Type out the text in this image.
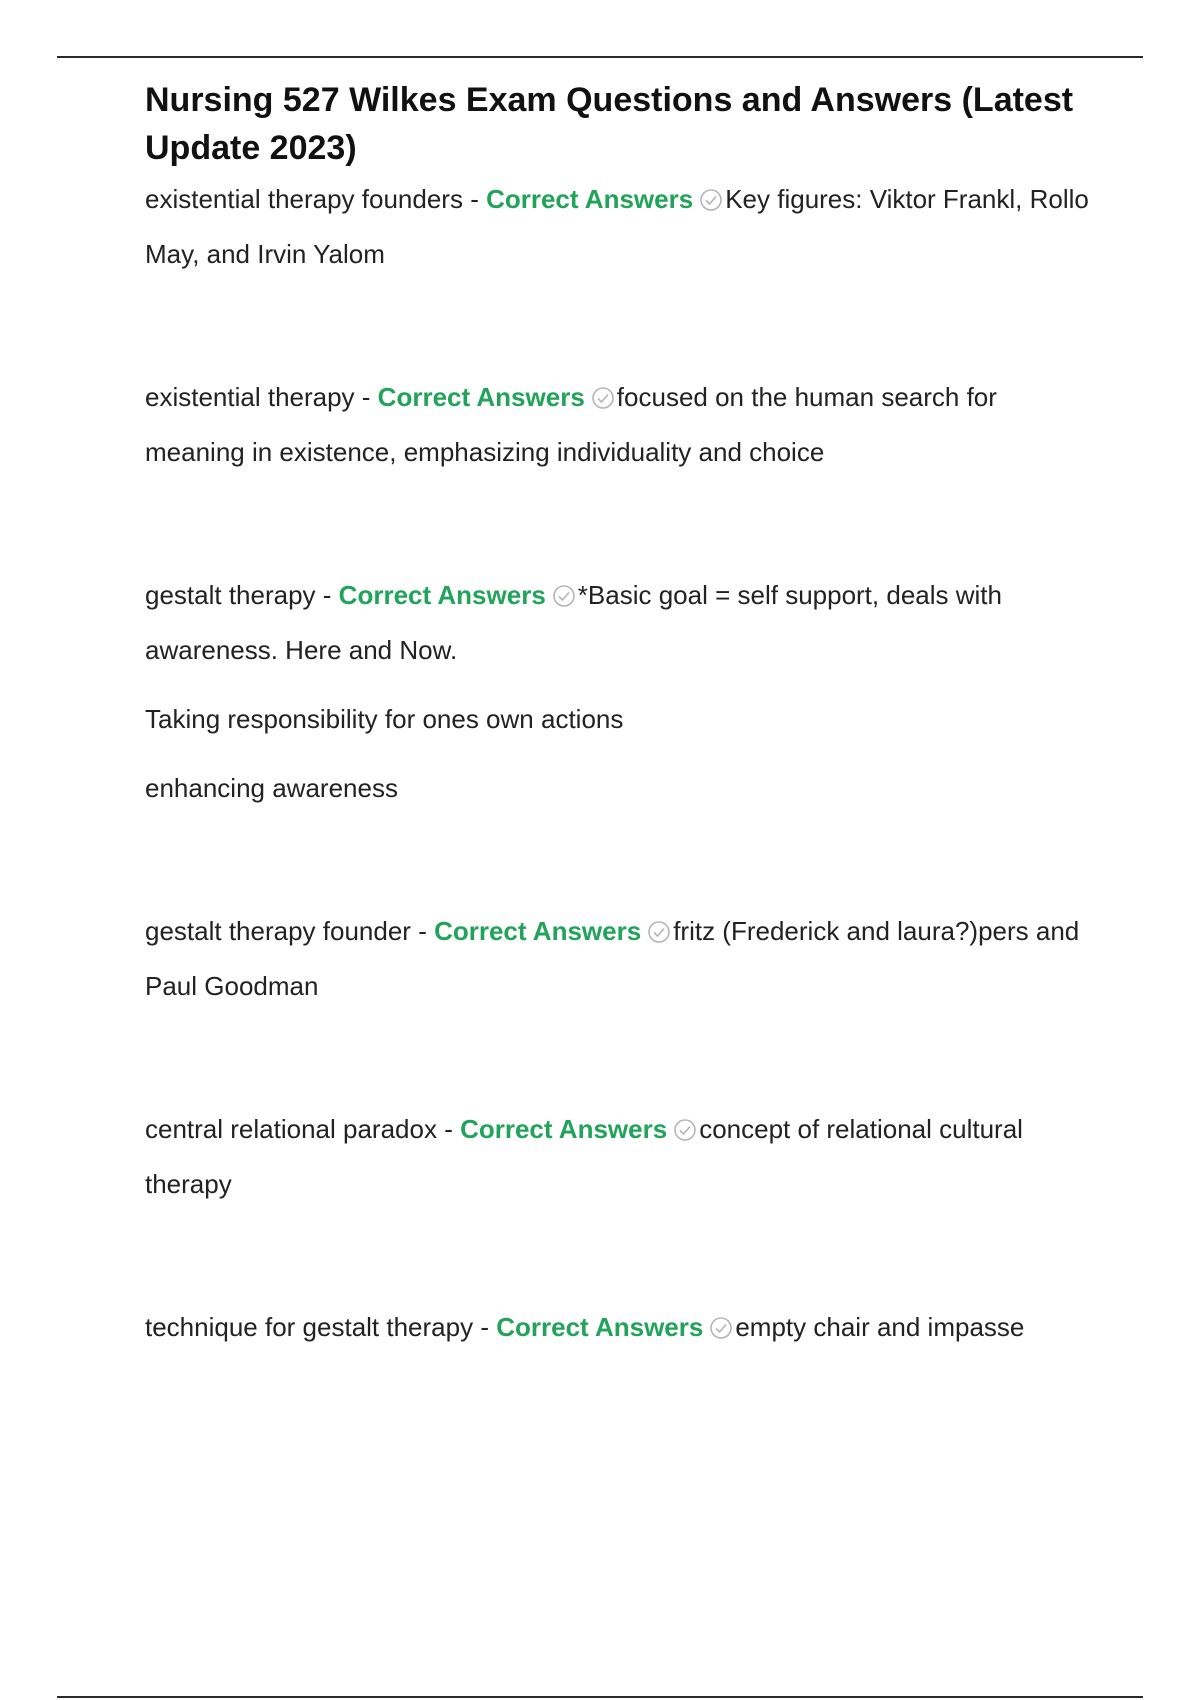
Nursing 527 Wilkes Exam Questions and Answers (Latest Update 2023)

existential therapy founders - Correct Answers Key figures: Viktor Frankl, Rollo May, and Irvin Yalom

existential therapy - Correct Answers focused on the human search for meaning in existence, emphasizing individuality and choice

gestalt therapy - Correct Answers *Basic goal = self support, deals with awareness. Here and Now.

Taking responsibility for ones own actions

enhancing awareness

gestalt therapy founder - Correct Answers fritz (Frederick and laura?)pers and Paul Goodman

central relational paradox - Correct Answers concept of relational cultural therapy

technique for gestalt therapy - Correct Answers empty chair and impasse
